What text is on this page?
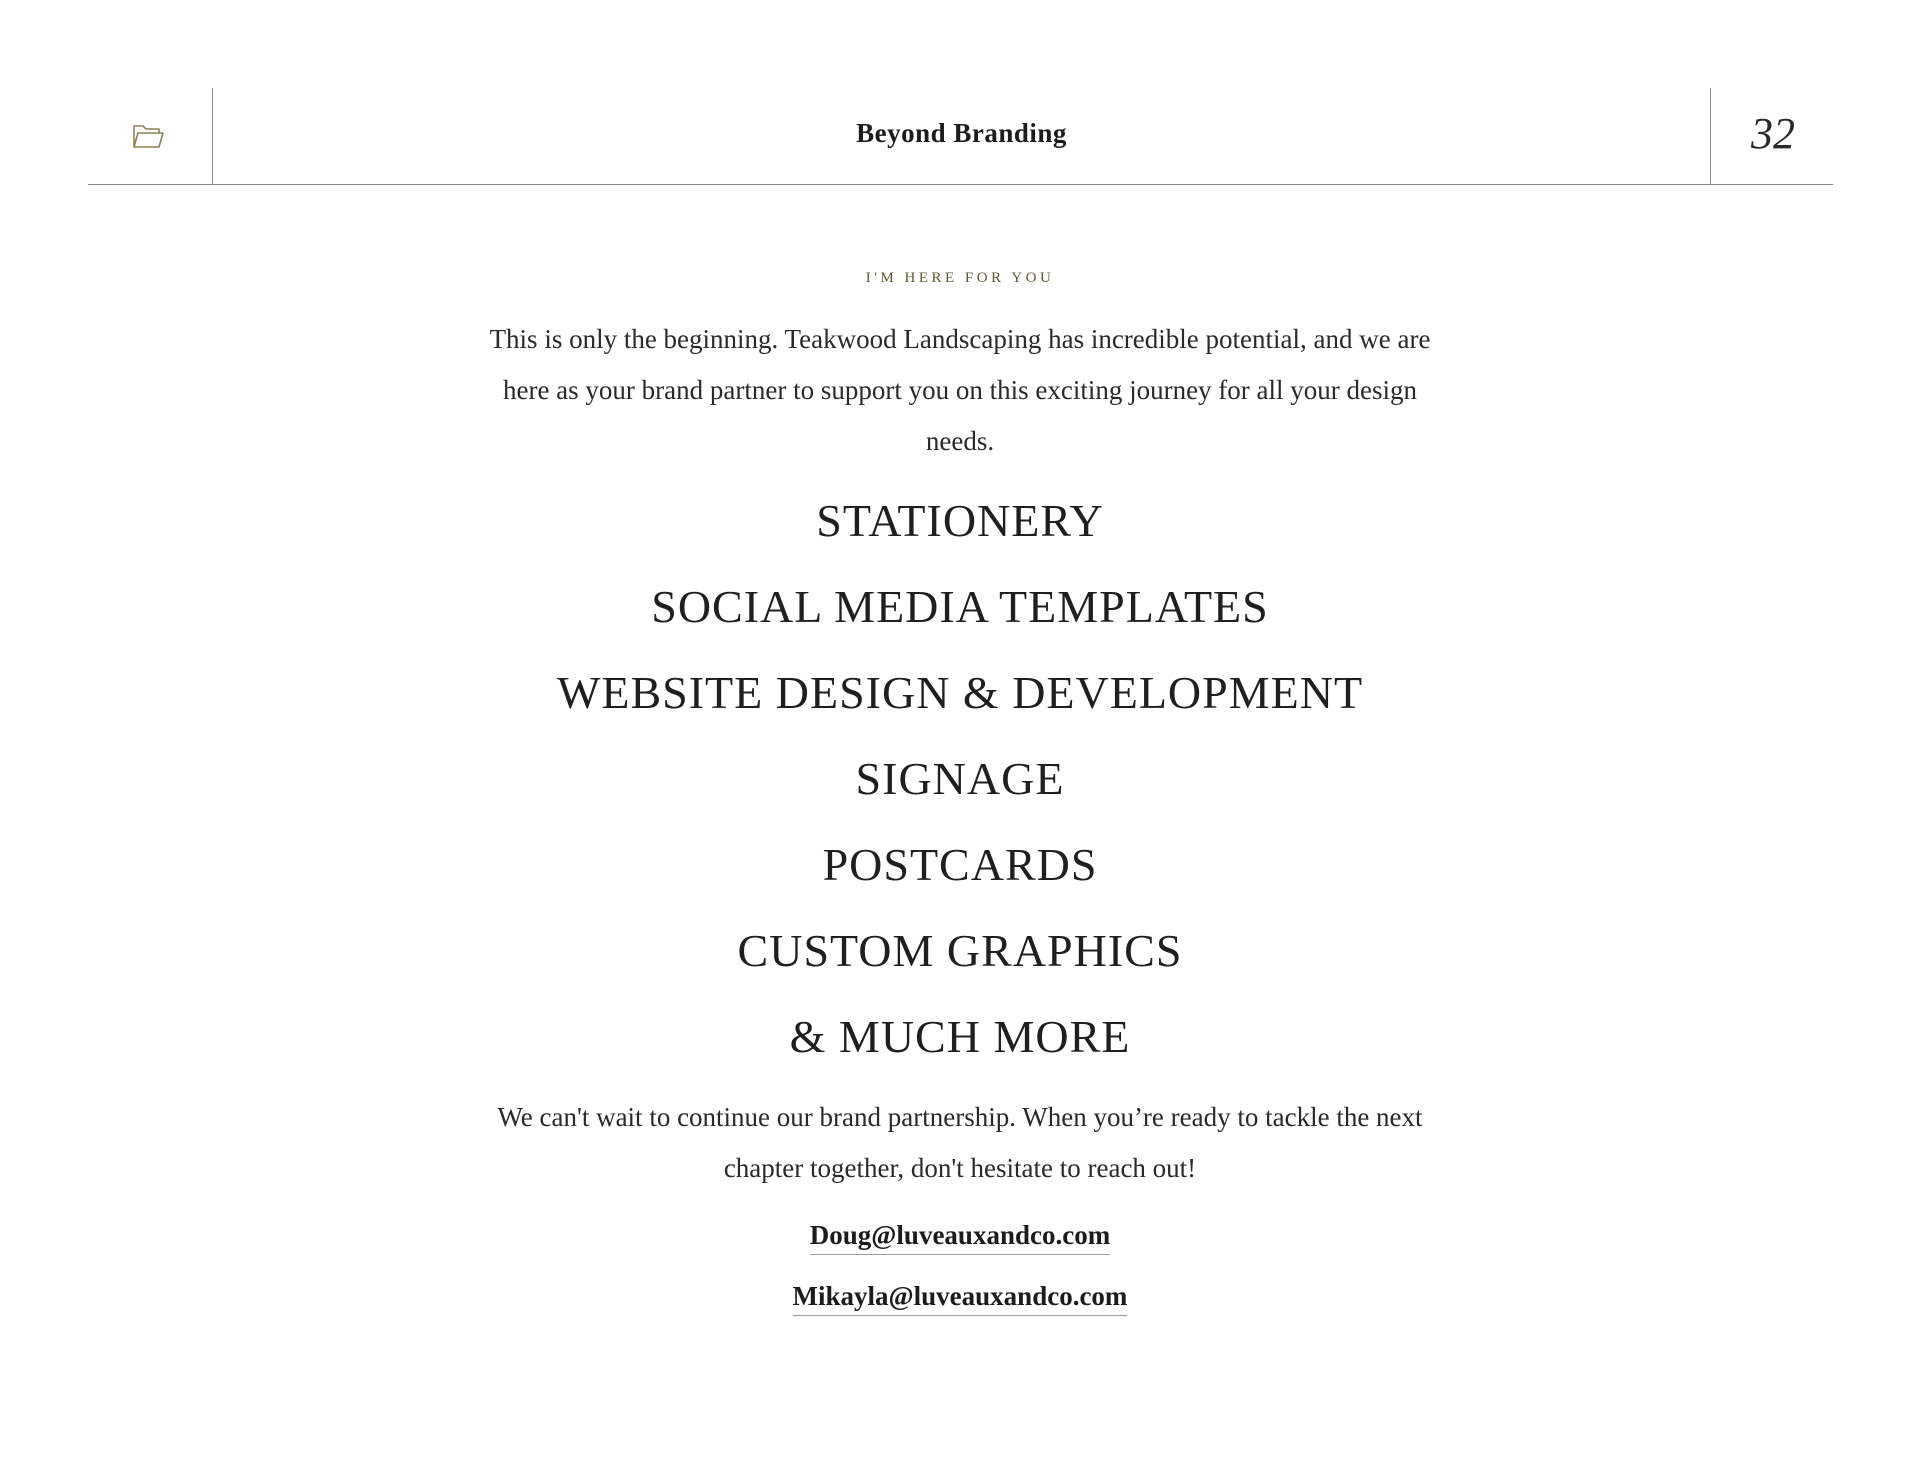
Beyond Branding	32
I'M HERE FOR YOU

This is only the beginning. Teakwood Landscaping has incredible potential, and we are here as your brand partner to support you on this exciting journey for all your design needs.

STATIONERY
SOCIAL MEDIA TEMPLATES
WEBSITE DESIGN & DEVELOPMENT
SIGNAGE
POSTCARDS
CUSTOM GRAPHICS
& MUCH MORE

We can't wait to continue our brand partnership. When you’re ready to tackle the next chapter together, don't hesitate to reach out!

Doug@luveauxandco.com
Mikayla@luveauxandco.com
